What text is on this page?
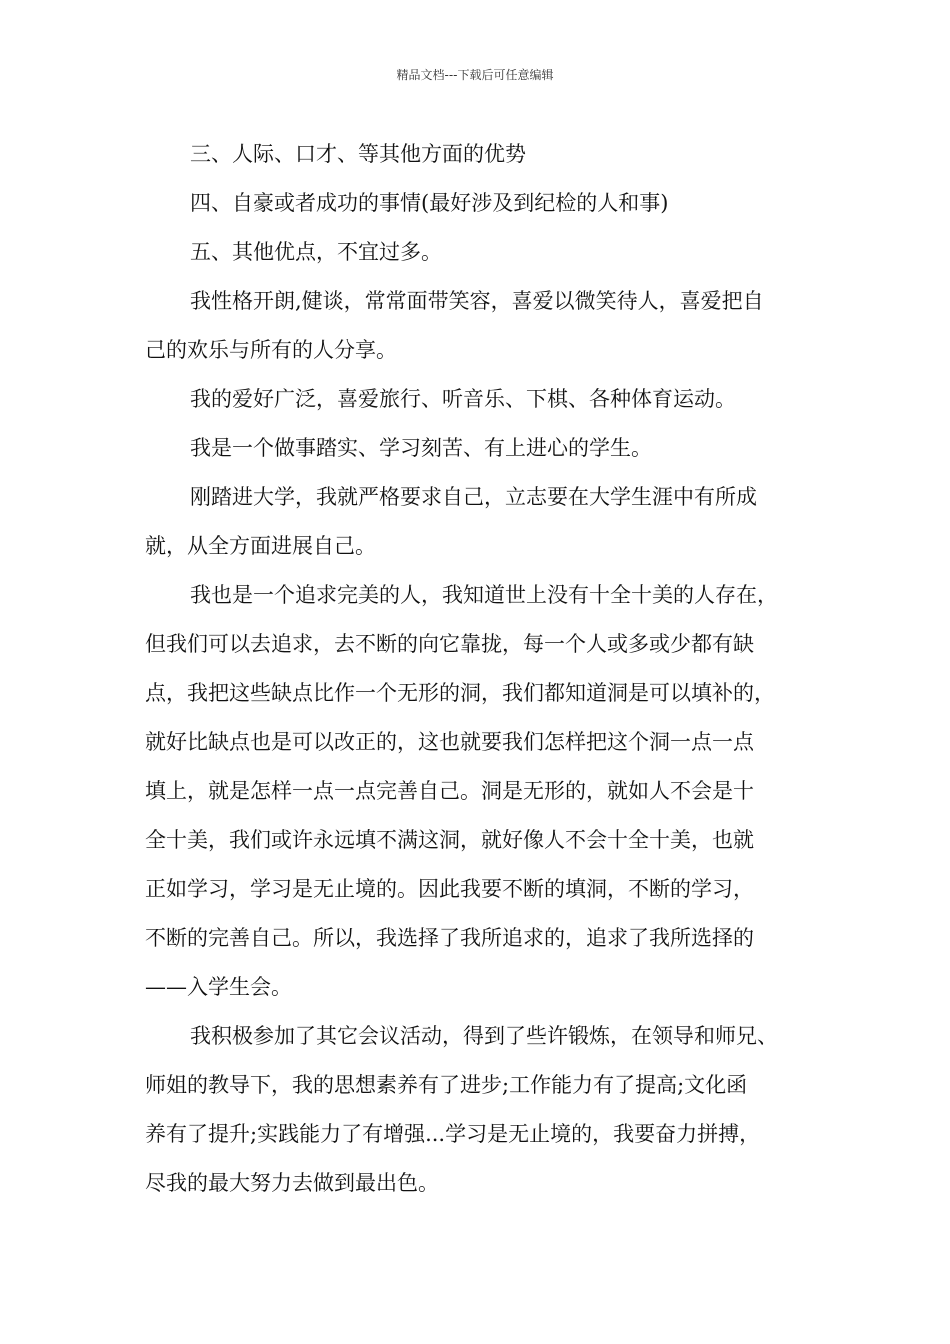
精品文档---下载后可任意编辑
三、人际、口才、等其他方面的优势
四、自豪或者成功的事情(最好涉及到纪检的人和事)
五、其他优点，不宜过多。
我性格开朗,健谈，常常面带笑容，喜爱以微笑待人，喜爱把自
己的欢乐与所有的人分享。
我的爱好广泛，喜爱旅行、听音乐、下棋、各种体育运动。
我是一个做事踏实、学习刻苦、有上进心的学生。
刚踏进大学，我就严格要求自己，立志要在大学生涯中有所成
就，从全方面进展自己。
我也是一个追求完美的人，我知道世上没有十全十美的人存在，
但我们可以去追求，去不断的向它靠拢，每一个人或多或少都有缺
点，我把这些缺点比作一个无形的洞，我们都知道洞是可以填补的，
就好比缺点也是可以改正的，这也就要我们怎样把这个洞一点一点
填上，就是怎样一点一点完善自己。洞是无形的，就如人不会是十
全十美，我们或许永远填不满这洞，就好像人不会十全十美，也就
正如学习，学习是无止境的。因此我要不断的填洞，不断的学习，
不断的完善自己。所以，我选择了我所追求的，追求了我所选择的
——入学生会。
我积极参加了其它会议活动，得到了些许锻炼，在领导和师兄、
师姐的教导下，我的思想素养有了进步;工作能力有了提高;文化函
养有了提升;实践能力了有增强...学习是无止境的，我要奋力拼搏，
尽我的最大努力去做到最出色。
